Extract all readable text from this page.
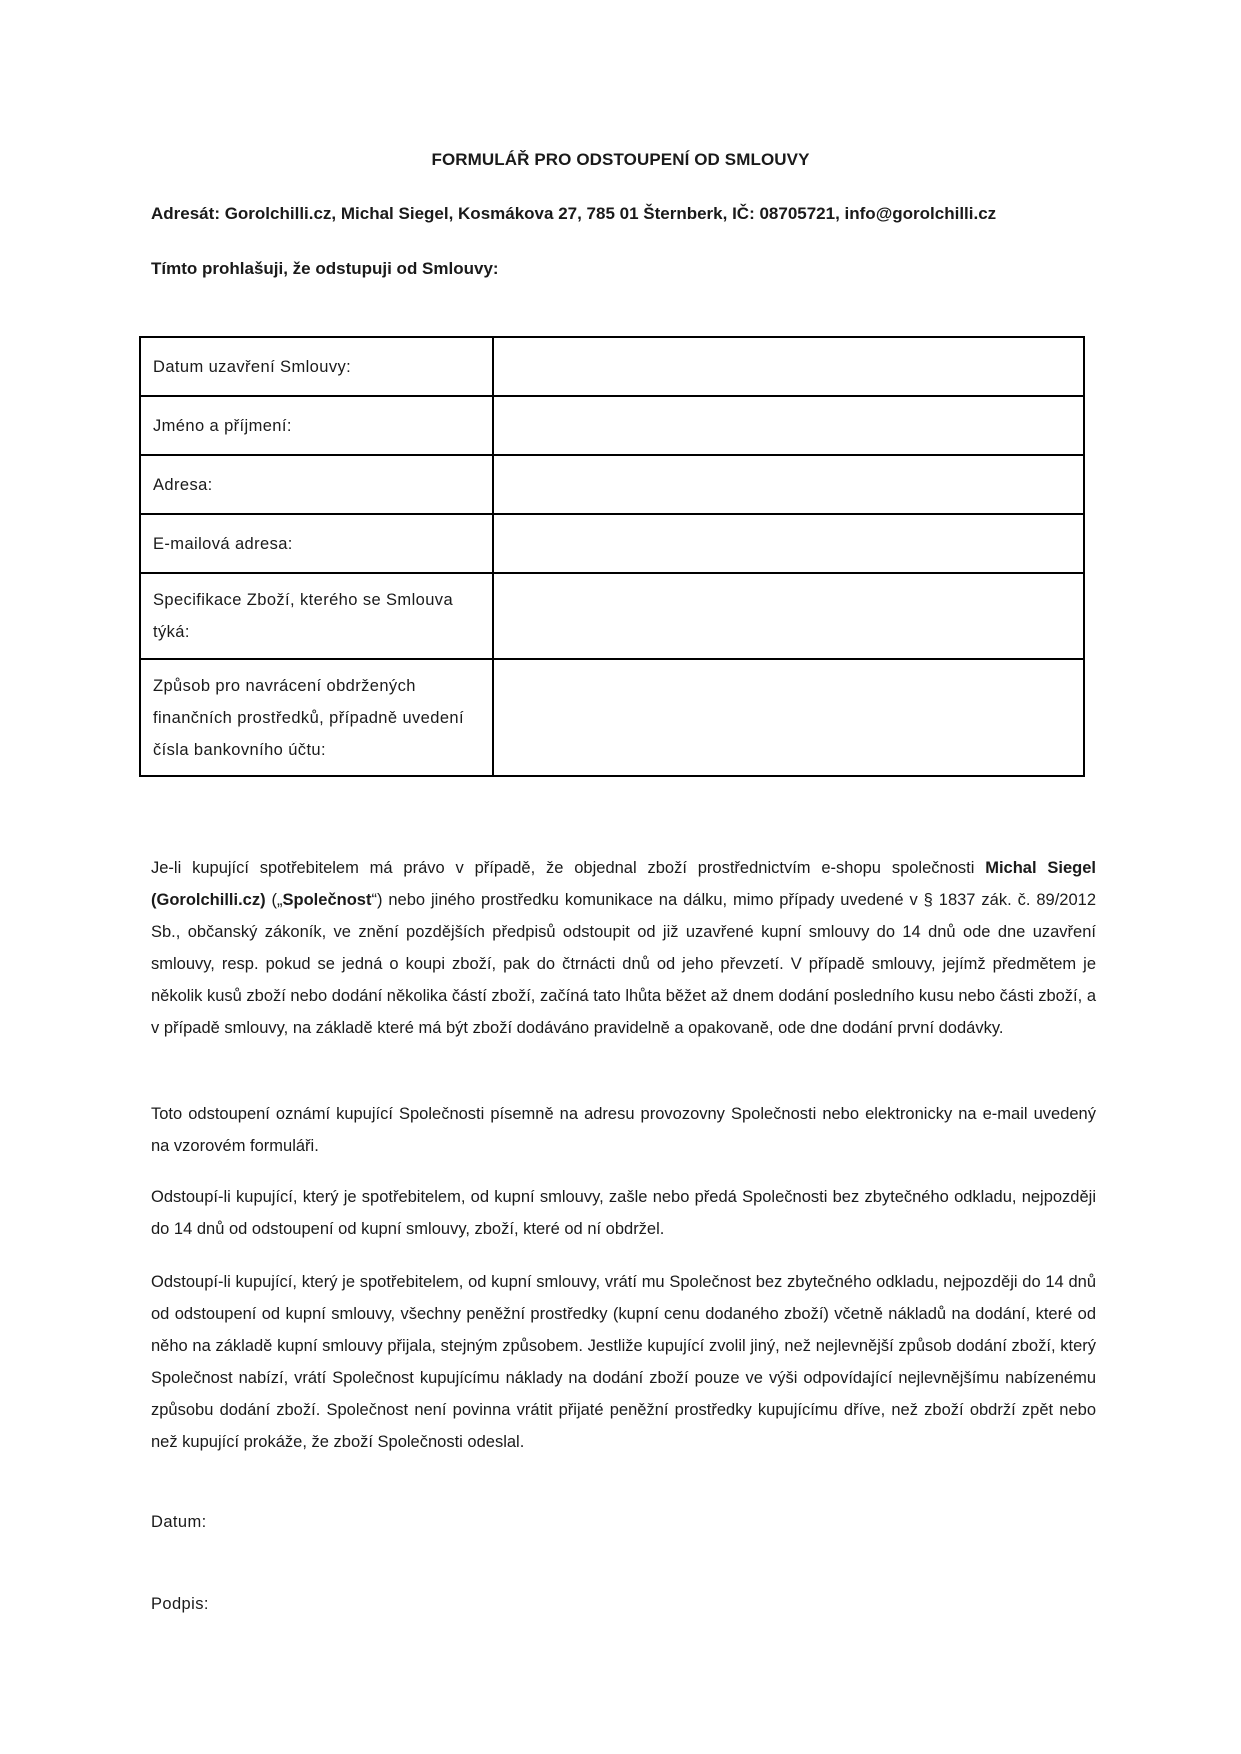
FORMULÁŘ PRO ODSTOUPENÍ OD SMLOUVY
Adresát: Gorolchilli.cz, Michal Siegel, Kosmákova 27, 785 01 Šternberk, IČ: 08705721, info@gorolchilli.cz
Tímto prohlašuji, že odstupuji od Smlouvy:
Datum uzavření Smlouvy:	
Jméno a příjmení:	
Adresa:	
E-mailová adresa:	
Specifikace Zboží, kterého se Smlouva týká:	
Způsob pro navrácení obdržených finančních prostředků, případně uvedení čísla bankovního účtu:	

Je-li kupující spotřebitelem má právo v případě, že objednal zboží prostřednictvím e-shopu společnosti Michal Siegel (Gorolchilli.cz) („Společnost“) nebo jiného prostředku komunikace na dálku, mimo případy uvedené v § 1837 zák. č. 89/2012 Sb., občanský zákoník, ve znění pozdějších předpisů odstoupit od již uzavřené kupní smlouvy do 14 dnů ode dne uzavření smlouvy, resp. pokud se jedná o koupi zboží, pak do čtrnácti dnů od jeho převzetí. V případě smlouvy, jejímž předmětem je několik kusů zboží nebo dodání několika částí zboží, začíná tato lhůta běžet až dnem dodání posledního kusu nebo části zboží, a v případě smlouvy, na základě které má být zboží dodáváno pravidelně a opakovaně, ode dne dodání první dodávky.

Toto odstoupení oznámí kupující Společnosti písemně na adresu provozovny Společnosti nebo elektronicky na e-mail uvedený na vzorovém formuláři.

Odstoupí-li kupující, který je spotřebitelem, od kupní smlouvy, zašle nebo předá Společnosti bez zbytečného odkladu, nejpozději do 14 dnů od odstoupení od kupní smlouvy, zboží, které od ní obdržel.

Odstoupí-li kupující, který je spotřebitelem, od kupní smlouvy, vrátí mu Společnost bez zbytečného odkladu, nejpozději do 14 dnů od odstoupení od kupní smlouvy, všechny peněžní prostředky (kupní cenu dodaného zboží) včetně nákladů na dodání, které od něho na základě kupní smlouvy přijala, stejným způsobem. Jestliže kupující zvolil jiný, než nejlevnější způsob dodání zboží, který Společnost nabízí, vrátí Společnost kupujícímu náklady na dodání zboží pouze ve výši odpovídající nejlevnějšímu nabízenému způsobu dodání zboží. Společnost není povinna vrátit přijaté peněžní prostředky kupujícímu dříve, než zboží obdrží zpět nebo než kupující prokáže, že zboží Společnosti odeslal.

Datum:
Podpis:
